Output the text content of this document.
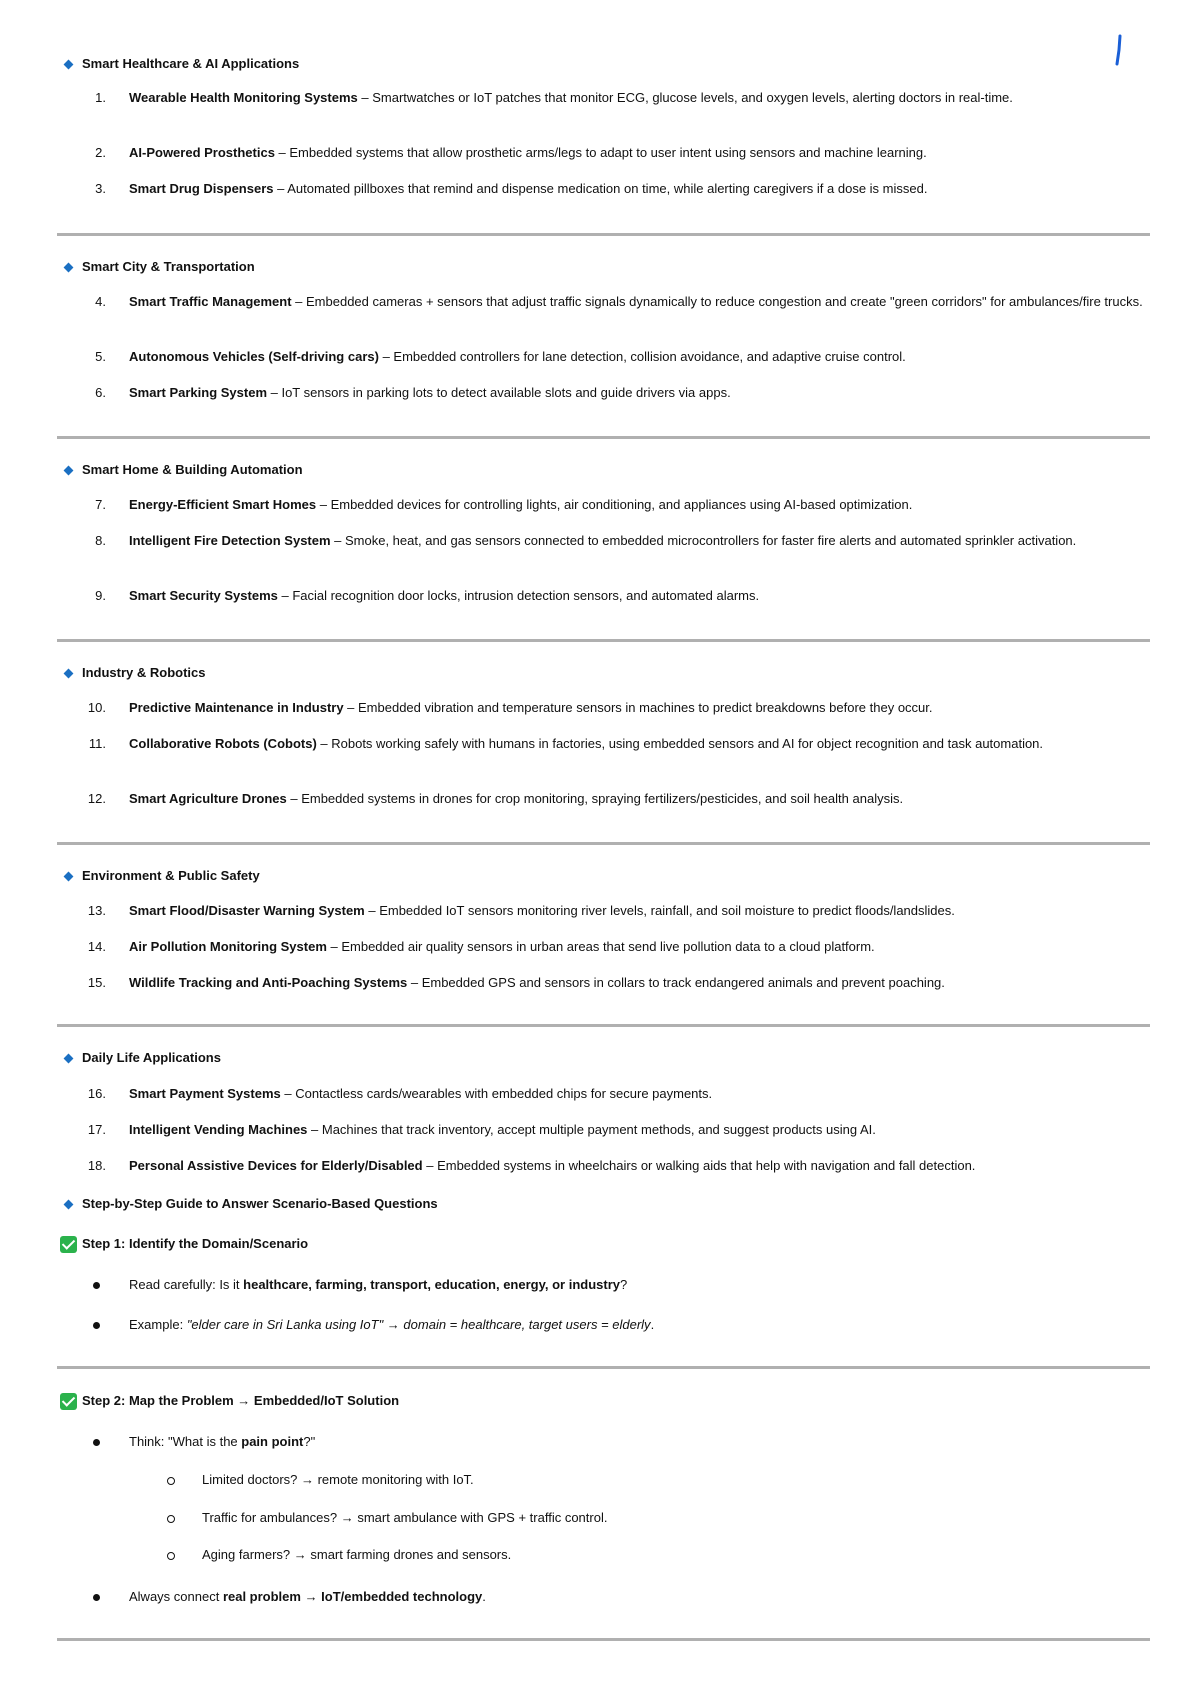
Smart Healthcare & AI Applications
1. Wearable Health Monitoring Systems – Smartwatches or IoT patches that monitor ECG, glucose levels, and oxygen levels, alerting doctors in real-time.
2. AI-Powered Prosthetics – Embedded systems that allow prosthetic arms/legs to adapt to user intent using sensors and machine learning.
3. Smart Drug Dispensers – Automated pillboxes that remind and dispense medication on time, while alerting caregivers if a dose is missed.
Smart City & Transportation
4. Smart Traffic Management – Embedded cameras + sensors that adjust traffic signals dynamically to reduce congestion and create "green corridors" for ambulances/fire trucks.
5. Autonomous Vehicles (Self-driving cars) – Embedded controllers for lane detection, collision avoidance, and adaptive cruise control.
6. Smart Parking System – IoT sensors in parking lots to detect available slots and guide drivers via apps.
Smart Home & Building Automation
7. Energy-Efficient Smart Homes – Embedded devices for controlling lights, air conditioning, and appliances using AI-based optimization.
8. Intelligent Fire Detection System – Smoke, heat, and gas sensors connected to embedded microcontrollers for faster fire alerts and automated sprinkler activation.
9. Smart Security Systems – Facial recognition door locks, intrusion detection sensors, and automated alarms.
Industry & Robotics
10. Predictive Maintenance in Industry – Embedded vibration and temperature sensors in machines to predict breakdowns before they occur.
11. Collaborative Robots (Cobots) – Robots working safely with humans in factories, using embedded sensors and AI for object recognition and task automation.
12. Smart Agriculture Drones – Embedded systems in drones for crop monitoring, spraying fertilizers/pesticides, and soil health analysis.
Environment & Public Safety
13. Smart Flood/Disaster Warning System – Embedded IoT sensors monitoring river levels, rainfall, and soil moisture to predict floods/landslides.
14. Air Pollution Monitoring System – Embedded air quality sensors in urban areas that send live pollution data to a cloud platform.
15. Wildlife Tracking and Anti-Poaching Systems – Embedded GPS and sensors in collars to track endangered animals and prevent poaching.
Daily Life Applications
16. Smart Payment Systems – Contactless cards/wearables with embedded chips for secure payments.
17. Intelligent Vending Machines – Machines that track inventory, accept multiple payment methods, and suggest products using AI.
18. Personal Assistive Devices for Elderly/Disabled – Embedded systems in wheelchairs or walking aids that help with navigation and fall detection.
Step-by-Step Guide to Answer Scenario-Based Questions
Step 1: Identify the Domain/Scenario
Read carefully: Is it healthcare, farming, transport, education, energy, or industry?
Example: "elder care in Sri Lanka using IoT" → domain = healthcare, target users = elderly.
Step 2: Map the Problem → Embedded/IoT Solution
Think: "What is the pain point?"
Limited doctors? → remote monitoring with IoT.
Traffic for ambulances? → smart ambulance with GPS + traffic control.
Aging farmers? → smart farming drones and sensors.
Always connect real problem → IoT/embedded technology.
